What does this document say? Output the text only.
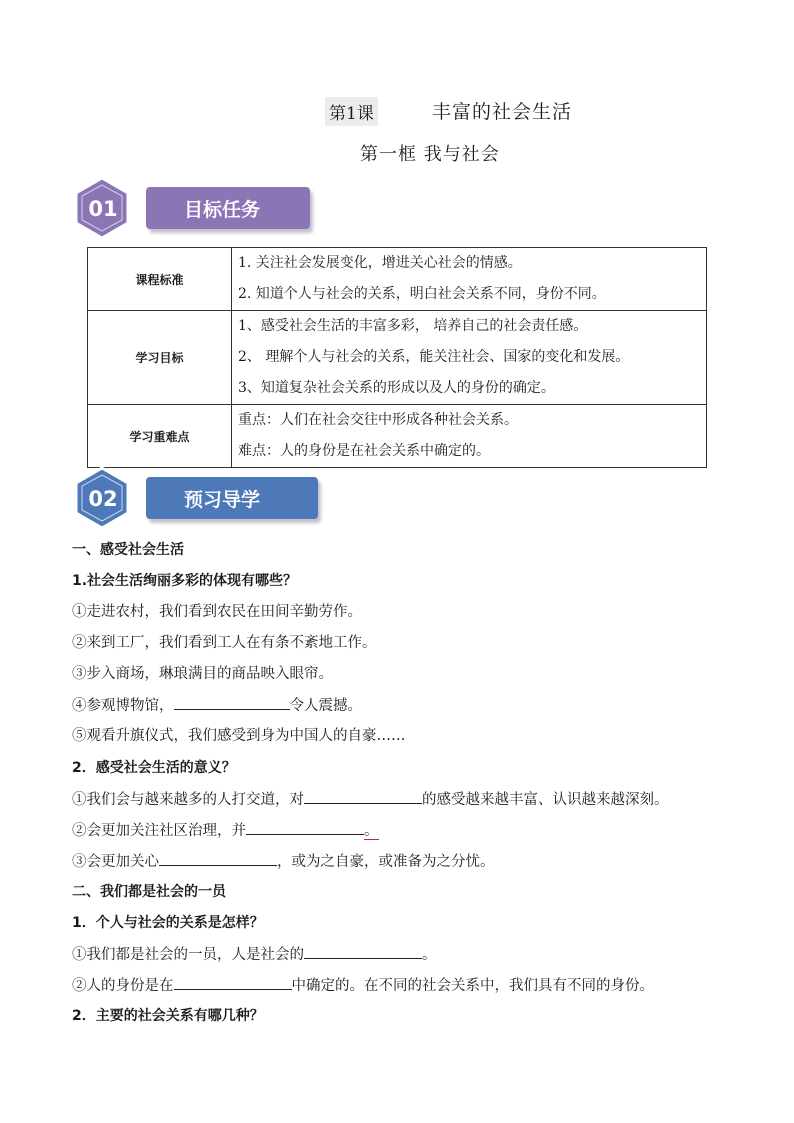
第1课	丰富的社会生活
第一框 我与社会
目标任务
01
课程标准	1. 关注社会发展变化，增进关心社会的情感。
2. 知道个人与社会的关系，明白社会关系不同，身份不同。

学习目标	1、感受社会生活的丰富多彩， 培养自己的社会责任感。
2、 理解个人与社会的关系，能关注社会、国家的变化和发展。
3、知道复杂社会关系的形成以及人的身份的确定。

学习重难点	重点：人们在社会交往中形成各种社会关系。
难点：人的身份是在社会关系中确定的。
预习导学
02
一、感受社会生活
1.社会生活绚丽多彩的体现有哪些？
①走进农村，我们看到农民在田间辛勤劳作。
②来到工厂，我们看到工人在有条不紊地工作。
③步入商场，琳琅满目的商品映入眼帘。
④参观博物馆，	令人震撼。
⑤观看升旗仪式，我们感受到身为中国人的自豪……
2．感受社会生活的意义？
①我们会与越来越多的人打交道，对	的感受越来越丰富、认识越来越深刻。
②会更加关注社区治理，并	。
③会更加关心	，或为之自豪，或准备为之分忧。
二、我们都是社会的一员
1．个人与社会的关系是怎样？
①我们都是社会的一员，人是社会的	。
②人的身份是在	中确定的。在不同的社会关系中，我们具有不同的身份。
2．主要的社会关系有哪几种？
